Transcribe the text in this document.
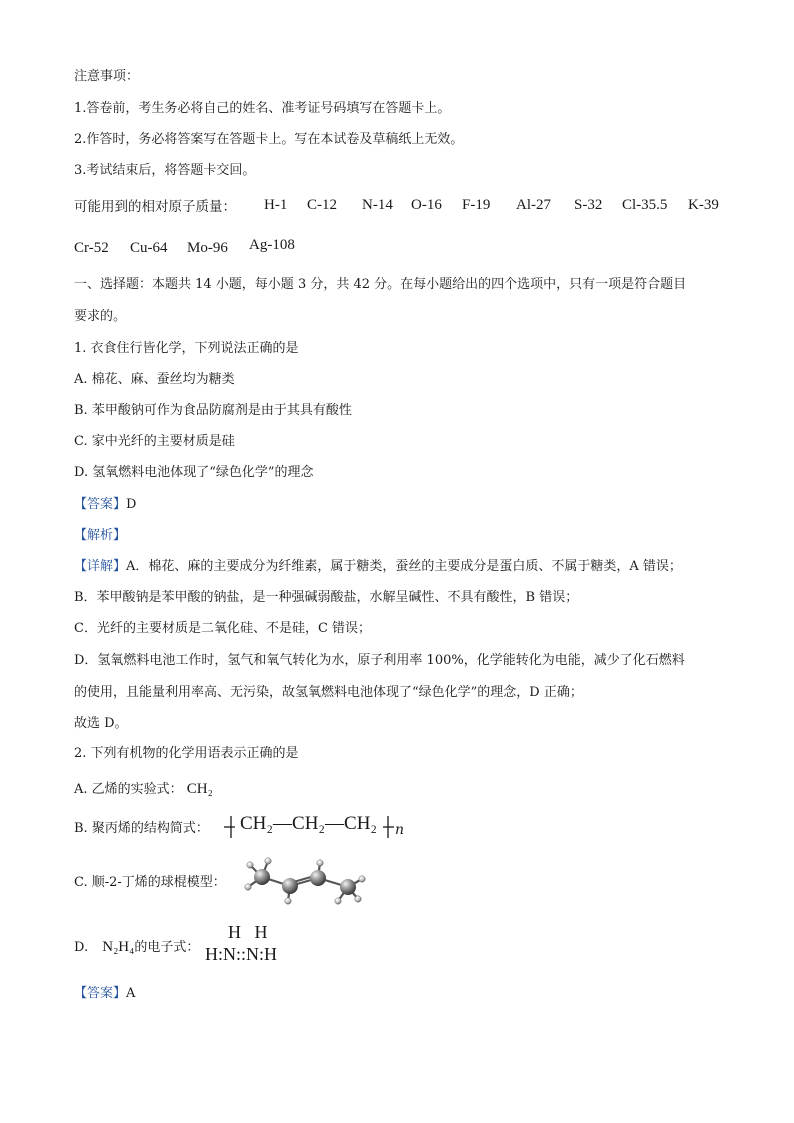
注意事项：
1.答卷前，考生务必将自己的姓名、准考证号码填写在答题卡上。
2.作答时，务必将答案写在答题卡上。写在本试卷及草稿纸上无效。
3.考试结束后，将答题卡交回。
可能用到的相对原子质量： H-1 C-12 N-14 O-16 F-19 Al-27 S-32 Cl-35.5 K-39
Cr-52 Cu-64 Mo-96 Ag-108
一、选择题：本题共 14 小题，每小题 3 分，共 42 分。在每小题给出的四个选项中，只有一项是符合题目
要求的。
1. 衣食住行皆化学，下列说法正确的是
A. 棉花、麻、蚕丝均为糖类
B. 苯甲酸钠可作为食品防腐剂是由于其具有酸性
C. 家中光纤的主要材质是硅
D. 氢氧燃料电池体现了“绿色化学”的理念
【答案】D
【解析】
【详解】A．棉花、麻的主要成分为纤维素，属于糖类，蚕丝的主要成分是蛋白质、不属于糖类，A 错误；
B．苯甲酸钠是苯甲酸的钠盐，是一种强碱弱酸盐，水解呈碱性、不具有酸性，B 错误；
C．光纤的主要材质是二氧化硅、不是硅，C 错误；
D．氢氧燃料电池工作时，氢气和氧气转化为水，原子利用率 100%，化学能转化为电能，减少了化石燃料
的使用，且能量利用率高、无污染，故氢氧燃料电池体现了“绿色化学”的理念，D 正确；
故选 D。
2. 下列有机物的化学用语表示正确的是
A. 乙烯的实验式： CH₂
B. 聚丙烯的结构简式： CH₂—CH₂—CH₂ n
C. 顺-2-丁烯的球棍模型：
D. N₂H₄的电子式：
H   H
H:N::N:H
【答案】A
